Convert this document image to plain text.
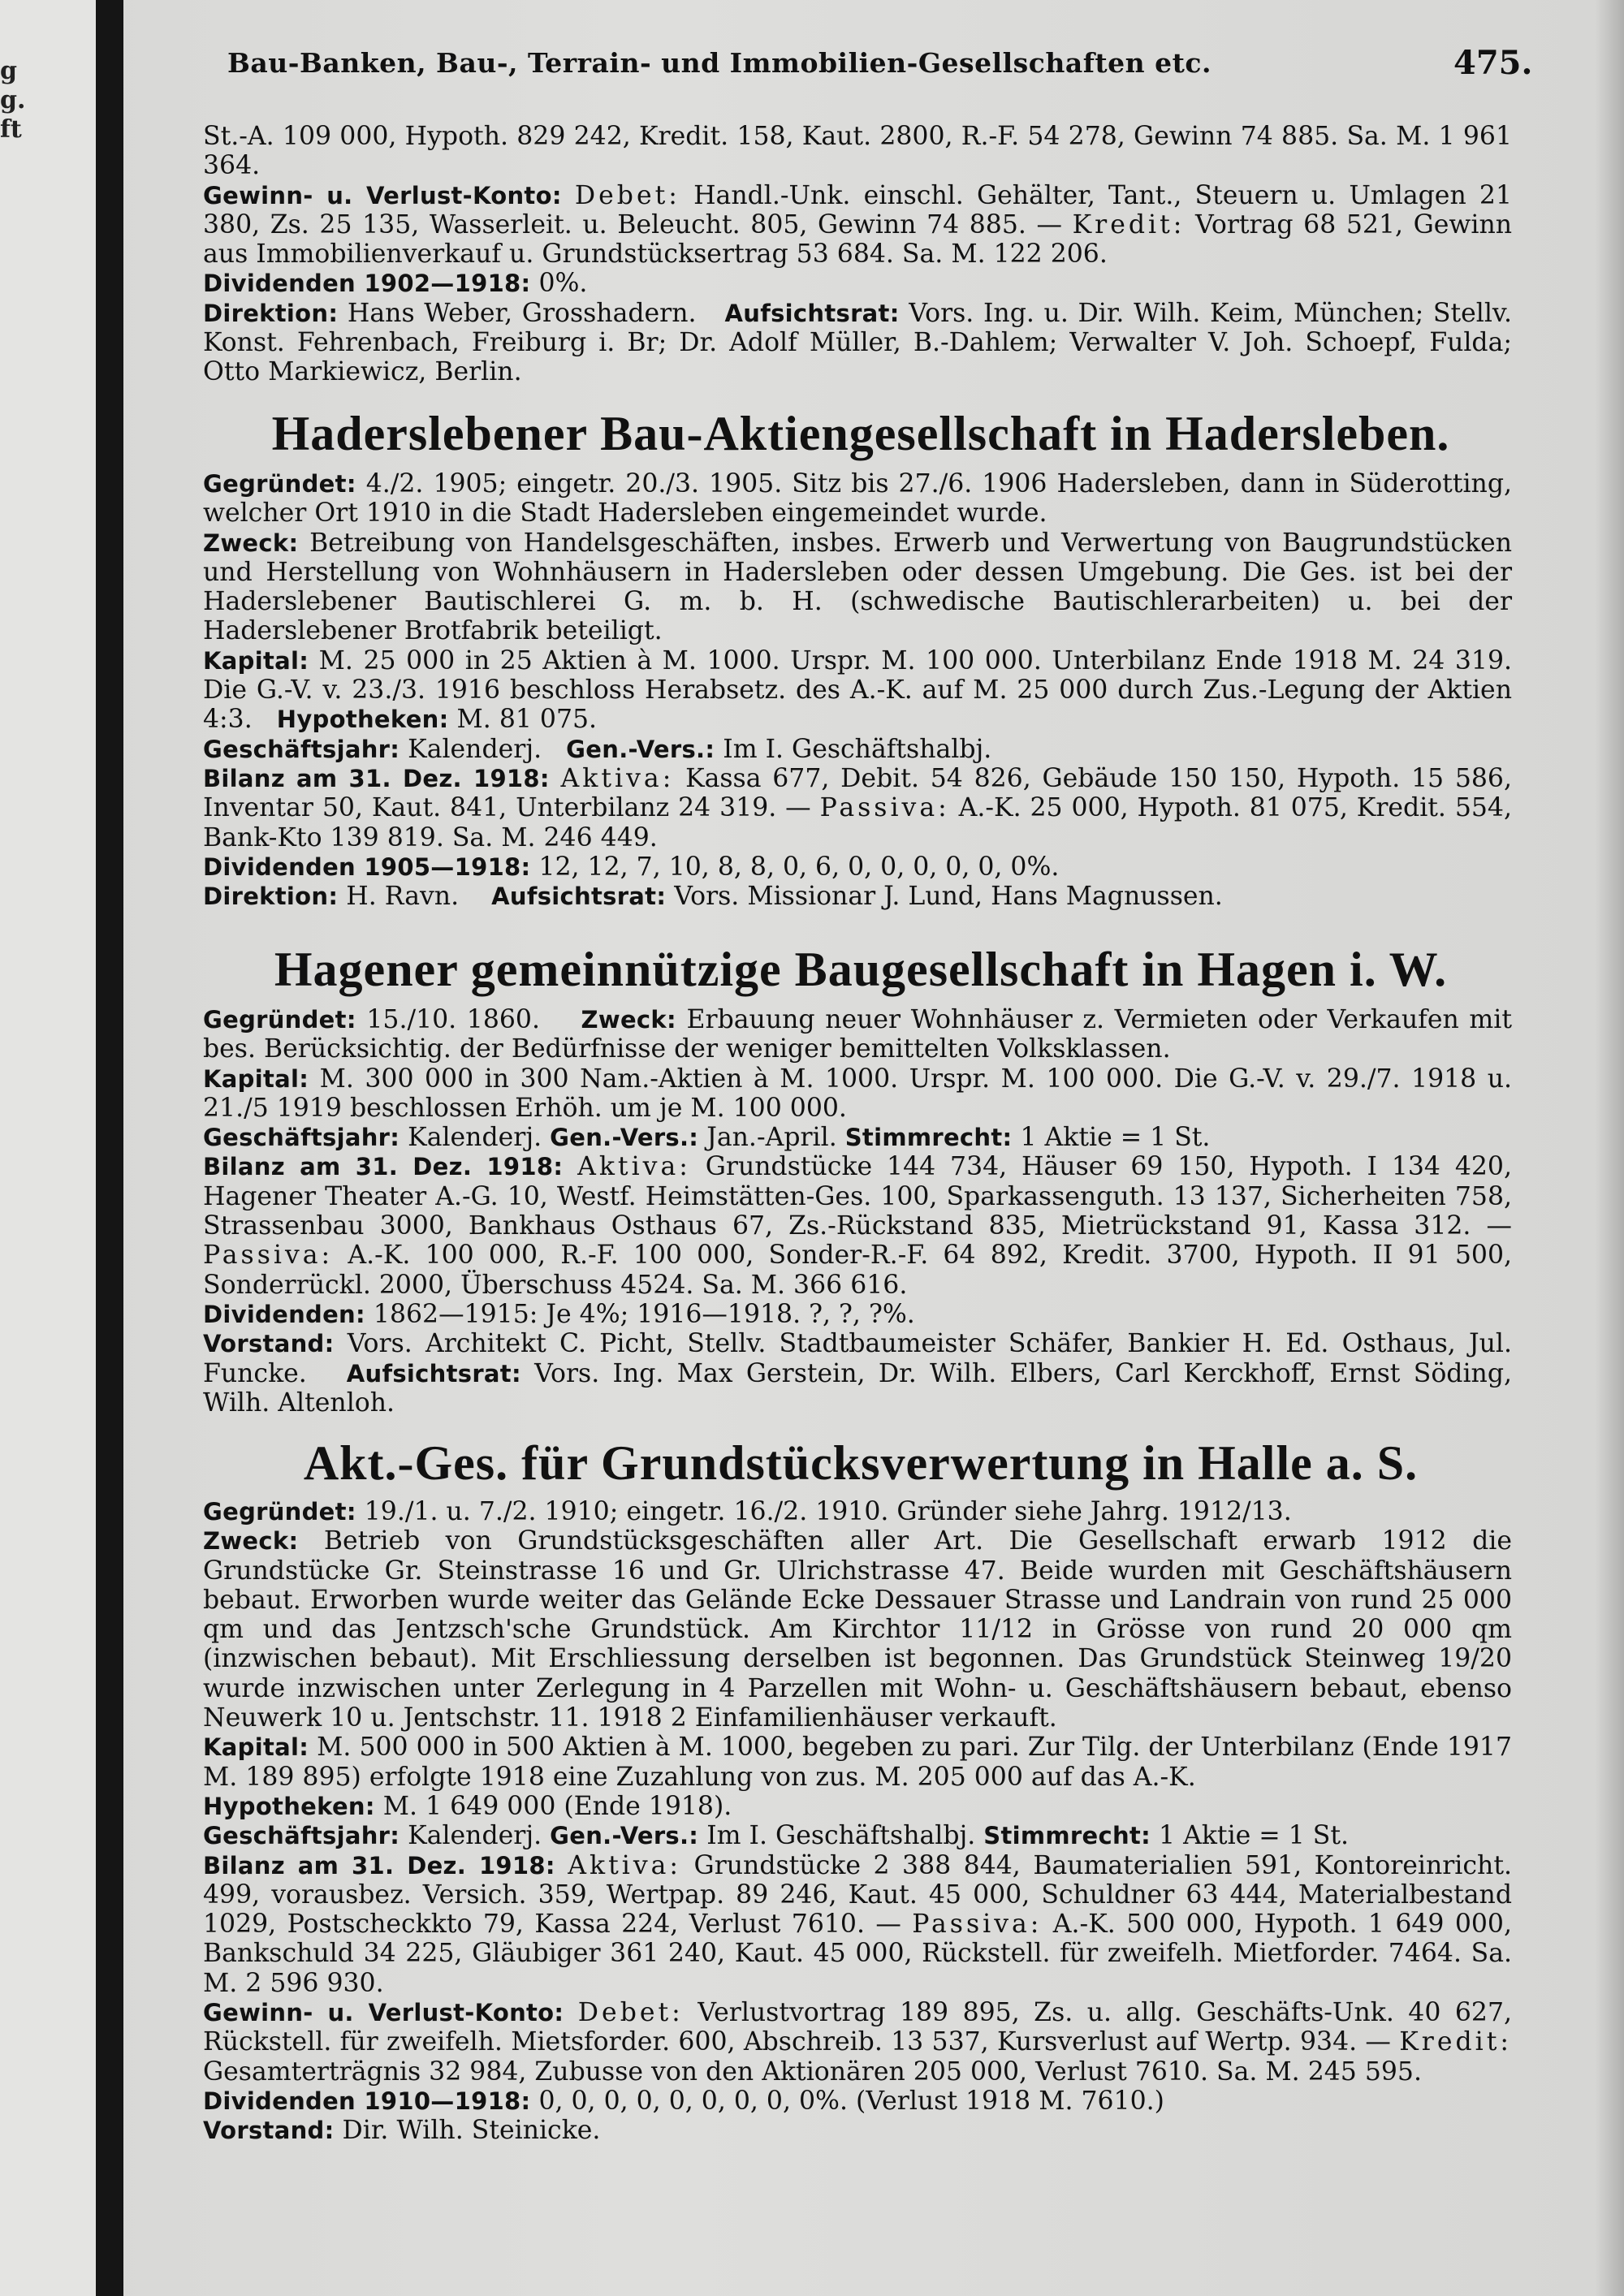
g
g.
ft
Bau-Banken, Bau-, Terrain- und Immobilien-Gesellschaften etc.	475.

St.-A. 109 000, Hypoth. 829 242, Kredit. 158, Kaut. 2800, R.-F. 54 278, Gewinn 74 885. Sa. M. 1 961 364.

Gewinn- u. Verlust-Konto: Debet: Handl.-Unk. einschl. Gehälter, Tant., Steuern u. Umlagen 21 380, Zs. 25 135, Wasserleit. u. Beleucht. 805, Gewinn 74 885. — Kredit: Vortrag 68 521, Gewinn aus Immobilienverkauf u. Grundstücksertrag 53 684. Sa. M. 122 206.

Dividenden 1902—1918: 0%.

Direktion: Hans Weber, Grosshadern. Aufsichtsrat: Vors. Ing. u. Dir. Wilh. Keim, München; Stellv. Konst. Fehrenbach, Freiburg i. Br; Dr. Adolf Müller, B.-Dahlem; Verwalter V. Joh. Schoepf, Fulda; Otto Markiewicz, Berlin.

Haderslebener Bau-Aktiengesellschaft in Hadersleben.

Gegründet: 4./2. 1905; eingetr. 20./3. 1905. Sitz bis 27./6. 1906 Hadersleben, dann in Süderotting, welcher Ort 1910 in die Stadt Hadersleben eingemeindet wurde.

Zweck: Betreibung von Handelsgeschäften, insbes. Erwerb und Verwertung von Baugrundstücken und Herstellung von Wohnhäusern in Hadersleben oder dessen Umgebung. Die Ges. ist bei der Haderslebener Bautischlerei G. m. b. H. (schwedische Bautischlerarbeiten) u. bei der Haderslebener Brotfabrik beteiligt.

Kapital: M. 25 000 in 25 Aktien à M. 1000. Urspr. M. 100 000. Unterbilanz Ende 1918 M. 24 319. Die G.-V. v. 23./3. 1916 beschloss Herabsetz. des A.-K. auf M. 25 000 durch Zus.-Legung der Aktien 4:3. Hypotheken: M. 81 075.

Geschäftsjahr: Kalenderj. Gen.-Vers.: Im I. Geschäftshalbj.

Bilanz am 31. Dez. 1918: Aktiva: Kassa 677, Debit. 54 826, Gebäude 150 150, Hypoth. 15 586, Inventar 50, Kaut. 841, Unterbilanz 24 319. — Passiva: A.-K. 25 000, Hypoth. 81 075, Kredit. 554, Bank-Kto 139 819. Sa. M. 246 449.

Dividenden 1905—1918: 12, 12, 7, 10, 8, 8, 0, 6, 0, 0, 0, 0, 0, 0%.

Direktion: H. Ravn. Aufsichtsrat: Vors. Missionar J. Lund, Hans Magnussen.

Hagener gemeinnützige Baugesellschaft in Hagen i. W.

Gegründet: 15./10. 1860. Zweck: Erbauung neuer Wohnhäuser z. Vermieten oder Verkaufen mit bes. Berücksichtig. der Bedürfnisse der weniger bemittelten Volksklassen.

Kapital: M. 300 000 in 300 Nam.-Aktien à M. 1000. Urspr. M. 100 000. Die G.-V. v. 29./7. 1918 u. 21./5 1919 beschlossen Erhöh. um je M. 100 000.

Geschäftsjahr: Kalenderj. Gen.-Vers.: Jan.-April. Stimmrecht: 1 Aktie = 1 St.

Bilanz am 31. Dez. 1918: Aktiva: Grundstücke 144 734, Häuser 69 150, Hypoth. I 134 420, Hagener Theater A.-G. 10, Westf. Heimstätten-Ges. 100, Sparkassenguth. 13 137, Sicherheiten 758, Strassenbau 3000, Bankhaus Osthaus 67, Zs.-Rückstand 835, Mietrückstand 91, Kassa 312. — Passiva: A.-K. 100 000, R.-F. 100 000, Sonder-R.-F. 64 892, Kredit. 3700, Hypoth. II 91 500, Sonderrückl. 2000, Überschuss 4524. Sa. M. 366 616.

Dividenden: 1862—1915: Je 4%; 1916—1918. ?, ?, ?%.

Vorstand: Vors. Architekt C. Picht, Stellv. Stadtbaumeister Schäfer, Bankier H. Ed. Osthaus, Jul. Funcke. Aufsichtsrat: Vors. Ing. Max Gerstein, Dr. Wilh. Elbers, Carl Kerckhoff, Ernst Söding, Wilh. Altenloh.

Akt.-Ges. für Grundstücksverwertung in Halle a. S.

Gegründet: 19./1. u. 7./2. 1910; eingetr. 16./2. 1910. Gründer siehe Jahrg. 1912/13.

Zweck: Betrieb von Grundstücksgeschäften aller Art. Die Gesellschaft erwarb 1912 die Grundstücke Gr. Steinstrasse 16 und Gr. Ulrichstrasse 47. Beide wurden mit Geschäftshäusern bebaut. Erworben wurde weiter das Gelände Ecke Dessauer Strasse und Landrain von rund 25 000 qm und das Jentzsch'sche Grundstück. Am Kirchtor 11/12 in Grösse von rund 20 000 qm (inzwischen bebaut). Mit Erschliessung derselben ist begonnen. Das Grundstück Steinweg 19/20 wurde inzwischen unter Zerlegung in 4 Parzellen mit Wohn- u. Geschäftshäusern bebaut, ebenso Neuwerk 10 u. Jentschstr. 11. 1918 2 Einfamilienhäuser verkauft.

Kapital: M. 500 000 in 500 Aktien à M. 1000, begeben zu pari. Zur Tilg. der Unterbilanz (Ende 1917 M. 189 895) erfolgte 1918 eine Zuzahlung von zus. M. 205 000 auf das A.-K.

Hypotheken: M. 1 649 000 (Ende 1918).

Geschäftsjahr: Kalenderj. Gen.-Vers.: Im I. Geschäftshalbj. Stimmrecht: 1 Aktie = 1 St.

Bilanz am 31. Dez. 1918: Aktiva: Grundstücke 2 388 844, Baumaterialien 591, Kontoreinricht. 499, vorausbez. Versich. 359, Wertpap. 89 246, Kaut. 45 000, Schuldner 63 444, Materialbestand 1029, Postscheckkto 79, Kassa 224, Verlust 7610. — Passiva: A.-K. 500 000, Hypoth. 1 649 000, Bankschuld 34 225, Gläubiger 361 240, Kaut. 45 000, Rückstell. für zweifelh. Mietforder. 7464. Sa. M. 2 596 930.

Gewinn- u. Verlust-Konto: Debet: Verlustvortrag 189 895, Zs. u. allg. Geschäfts-Unk. 40 627, Rückstell. für zweifelh. Mietsforder. 600, Abschreib. 13 537, Kursverlust auf Wertp. 934. — Kredit: Gesamterträgnis 32 984, Zubusse von den Aktionären 205 000, Verlust 7610. Sa. M. 245 595.

Dividenden 1910—1918: 0, 0, 0, 0, 0, 0, 0, 0, 0%. (Verlust 1918 M. 7610.)

Vorstand: Dir. Wilh. Steinicke.
